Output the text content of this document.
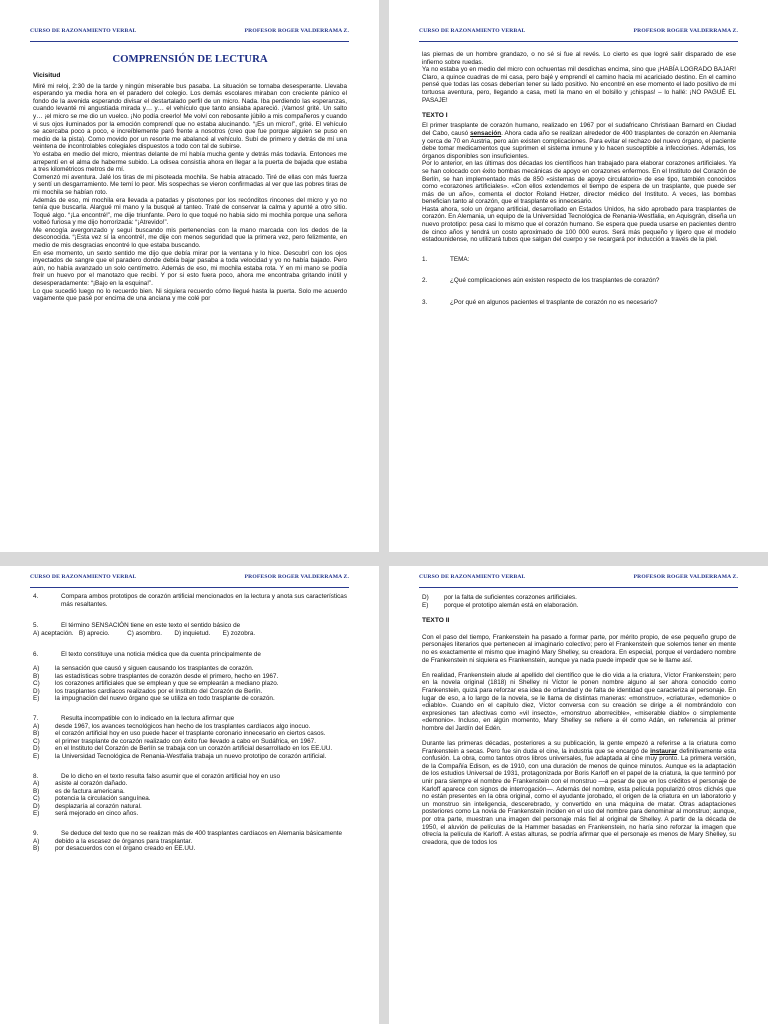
CURSO DE RAZONAMIENTO VERBAL	PROFESOR ROGER VALDERRAMA Z.
COMPRENSIÓN DE LECTURA
Vicisitud
Miré mi reloj, 2:30 de la tarde y ningún miserable bus pasaba. La situación se tornaba desesperante. Llevaba esperando ya media hora en el paradero del colegio. Los demás escolares miraban con creciente pánico el fondo de la avenida esperando divisar el destartalado perfil de un micro. Nada. Iba perdiendo las esperanzas, cuando levanté mi angustiada mirada y… y… el vehículo que tanto ansiaba apareció. ¡Vamos! grité. Un salto y… ¡el micro se me dio un vuelco. ¡No podía creerlo! Me volví con rebosante júbilo a mis compañeros y cuando vi sus ojos iluminados por la emoción comprendí que no estaba alucinando. “¡Es un micro!”, grité. El vehículo se acercaba poco a poco, e increíblemente paró frente a nosotros (creo que fue porque alguien se puso en medio de la pista). Como movido por un resorte me abalancé al vehículo. Subí de primero y detrás de mí una veintena de incontrolables colegiales dispuestos a todo con tal de subirse.
Yo estaba en medio del micro, mientras delante de mí había mucha gente y detrás más todavía. Entonces me arrepentí en el alma de haberme subido. La odisea consistía ahora en llegar a la puerta de bajada que estaba a tres kilométricos metros de mí.
Comenzó mi aventura. Jalé los tiras de mi pisoteada mochila. Se había atracado. Tiré de ellas con más fuerza y sentí un desgarramiento. Me temí lo peor. Mis sospechas se vieron confirmadas al ver que las pobres tiras de mi mochila se habían roto.
Además de eso, mi mochila era llevada a patadas y pisotones por los recónditos rincones del micro y yo no tenía que buscarla. Alargué mi mano y la busqué al tanteo. Traté de conservar la calma y apunté a otro sitio. Toqué algo. “¡La encontré!”, me dije triunfante. Pero lo que toqué no había sido mi mochila porque una señora volteó furiosa y me dijo horrorizada: “¡Atrevido!”.
Me encogía avergonzado y seguí buscando mis pertenencias con la mano marcada con los dedos de la desconocida. “¡Esta vez sí la encontré!, me dije con menos seguridad que la primera vez, pero felizmente, en medio de mis desgracias encontré lo que estaba buscando.
En ese momento, un sexto sentido me dijo que debía mirar por la ventana y lo hice. Descubrí con los ojos inyectados de sangre que el paradero donde debía bajar pasaba a toda velocidad y yo no había bajado. Pero aún, no había avanzado un solo centímetro. Además de eso, mi mochila estaba rota. Y en mi mano se podía freír un huevo por el manotazo que recibí. Y por si esto fuera poco, ahora me encontraba gritando inútil y desesperadamente: “¡Bajo en la esquina!”.
Lo que sucedió luego no lo recuerdo bien. Ni siquiera recuerdo cómo llegué hasta la puerta. Solo me acuerdo vagamente que pasé por encima de una anciana y me colé por
CURSO DE RAZONAMIENTO VERBAL	PROFESOR ROGER VALDERRAMA Z.
las piernas de un hombre grandazo, o no sé si fue al revés. Lo cierto es que logré salir disparado de ese infierno sobre ruedas.
Ya no estaba yo en medio del micro con ochuentas mil desdichas encima, sino que ¡HABÍA LOGRADO BAJAR! Claro, a quince cuadras de mi casa, pero bajé y emprendí el camino hacia mi acariciado destino. En el camino pensé que todas las cosas deberían tener su lado positivo. No encontré en ese momento el lado positivo de mi tortuosa aventura, pero, llegando a casa, metí la mano en el bolsillo y ¡chispas! – lo hallé: ¡NO PAGUÉ EL PASAJE!
TEXTO I
El primer trasplante de corazón humano, realizado en 1967 por el sudafricano Christiaan Barnard en Ciudad del Cabo, causó sensación. Ahora cada año se realizan alrededor de 400 trasplantes de corazón en Alemania y cerca de 70 en Austria, pero aún existen complicaciones. Para evitar el rechazo del nuevo órgano, el paciente debe tomar medicamentos que suprimen el sistema inmune y lo hacen susceptible a infecciones. Además, los órganos disponibles son insuficientes.
Por lo anterior, en las últimas dos décadas los científicos han trabajado para elaborar corazones artificiales. Ya se han colocado con éxito bombas mecánicas de apoyo en corazones enfermos. En el Instituto del Corazón de Berlín, se han implementado más de 850 «sistemas de apoyo circulatorio» de ese tipo, también conocidos como «corazones artificiales». «Con ellos extendemos el tiempo de espera de un trasplante, que puede ser más de un año», comenta el doctor Roland Hetzer, director médico del Instituto. A veces, las bombas benefician tanto al corazón, que el trasplante es innecesario.
Hasta ahora, solo un órgano artificial, desarrollado en Estados Unidos, ha sido aprobado para trasplantes de corazón. En Alemania, un equipo de la Universidad Tecnológica de Renania-Westfalia, en Aquisgrán, diseña un nuevo prototipo: pesa casi lo mismo que el corazón humano. Se espera que pueda usarse en pacientes dentro de cinco años y tendrá un costo aproximado de 100 000 euros. Será más pequeño y ligero que el modelo estadounidense, no utilizará tubos que salgan del cuerpo y se recargará por inducción a través de la piel.
1.	TEMA:
2.	¿Qué complicaciones aún existen respecto de los trasplantes de corazón?
3.	¿Por qué en algunos pacientes el trasplante de corazón no es necesario?
CURSO DE RAZONAMIENTO VERBAL	PROFESOR ROGER VALDERRAMA Z.
4.	Compara ambos prototipos de corazón artificial mencionados en la lectura y anota sus características más resaltantes.
5.	El término SENSACIÓN tiene en este texto el sentido básico de
A) aceptación.   B) aprecio.          C) asombro.       D) inquietud.       E) zozobra.
6.	El texto constituye una noticia médica que da cuenta principalmente de
A)	la sensación que causó y siguen causando los trasplantes de corazón.
B)	las estadísticas sobre trasplantes de corazón desde el primero, hecho en 1967.
C)	los corazones artificiales que se emplean y que se emplearán a mediano plazo.
D)	los trasplantes cardíacos realizados por el Instituto del Corazón de Berlín.
E)	la impugnación del nuevo órgano que se utiliza en todo trasplante de corazón.
7.	Resulta incompatible con lo indicado en la lectura afirmar que
A)	desde 1967, los avances tecnológicos han hecho de los trasplantes cardíacos algo inocuo.
B)	el corazón artificial hoy en uso puede hacer el trasplante coronario innecesario en ciertos casos.
C)	el primer trasplante de corazón realizado con éxito fue llevado a cabo en Sudáfrica, en 1967.
D)	en el Instituto del Corazón de Berlín se trabaja con un corazón artificial desarrollado en los EE.UU.
E)	la Universidad Tecnológica de Renania-Westfalia trabaja un nuevo prototipo de corazón artificial.
8.	De lo dicho en el texto resulta falso asumir que el corazón artificial hoy en uso
A)	asiste al corazón dañado.
B)	es de factura americana.
C)	potencia la circulación sanguínea.
D)	desplazaría al corazón natural.
E)	será mejorado en cinco años.
9.	Se deduce del texto que no se realizan más de 400 trasplantes cardíacos en Alemania básicamente
A)	debido a la escasez de órganos para trasplantar.
B)	por desacuerdos con el órgano creado en EE.UU.
CURSO DE RAZONAMIENTO VERBAL	PROFESOR ROGER VALDERRAMA Z.
D)	por la falta de suficientes corazones artificiales.
E)	porque el prototipo alemán está en elaboración.
TEXTO II
Con el paso del tiempo, Frankenstein ha pasado a formar parte, por mérito propio, de ese pequeño grupo de personajes literarios que pertenecen al imaginario colectivo; pero el Frankenstein que solemos tener en mente no es exactamente el mismo que imaginó Mary Shelley, su creadora. En especial, porque el verdadero nombre de Frankenstein ni siquiera es Frankenstein, aunque ya nada puede impedir que se le llame así.
En realidad, Frankenstein alude al apellido del científico que le dio vida a la criatura, Víctor Frankenstein; pero en la novela original (1818) ni Shelley ni Víctor le ponen nombre alguno al ser ahora conocido como Frankenstein, quizá para reforzar esa idea de orfandad y de falta de identidad que caracteriza al personaje. En lugar de eso, a lo largo de la novela, se le llama de distintas maneras: «monstruo», «criatura», «demonio» o «diablo». Cuando en el capítulo diez, Víctor conversa con su creación se dirige a él nombrándolo con expresiones tan afectivas como «vil insecto», «monstruo aborrecible», «miserable diablo» o simplemente «demonio». Incluso, en algún momento, Mary Shelley se refiere a él como Adán, en referencia al primer hombre del Jardín del Edén.
Durante las primeras décadas, posteriores a su publicación, la gente empezó a referirse a la criatura como Frankenstein a secas. Pero fue sin duda el cine, la industria que se encargó de instaurar definitivamente esta confusión. La obra, como tantos otros libros universales, fue adaptada al cine muy pronto. La primera versión, de la Compañía Edison, es de 1910, con una duración de menos de quince minutos. Aunque es la adaptación de los estudios Universal de 1931, protagonizada por Boris Karloff en el papel de la criatura, la que terminó por unir para siempre el nombre de Frankenstein con el monstruo —a pesar de que en los créditos el personaje de Karloff aparece con signos de interrogación—. Además del nombre, esta película popularizó otros clichés que no están presentes en la obra original, como el ayudante jorobado, el origen de la criatura en un laboratorio y un monstruo sin inteligencia, descerebrado, y convertido en una máquina de matar. Otras adaptaciones posteriores como La novia de Frankenstein inciden en el uso del nombre para denominar al monstruo; aunque, por otra parte, muestran una imagen del personaje más fiel al original de Shelley. A partir de la década de 1950, el aluvión de películas de la Hammer basadas en Frankenstein, no haría sino reforzar la imagen que ofrecía la película de Karloff. A estas alturas, se podría afirmar que el personaje es menos de Mary Shelley, su creadora, que de todos los
